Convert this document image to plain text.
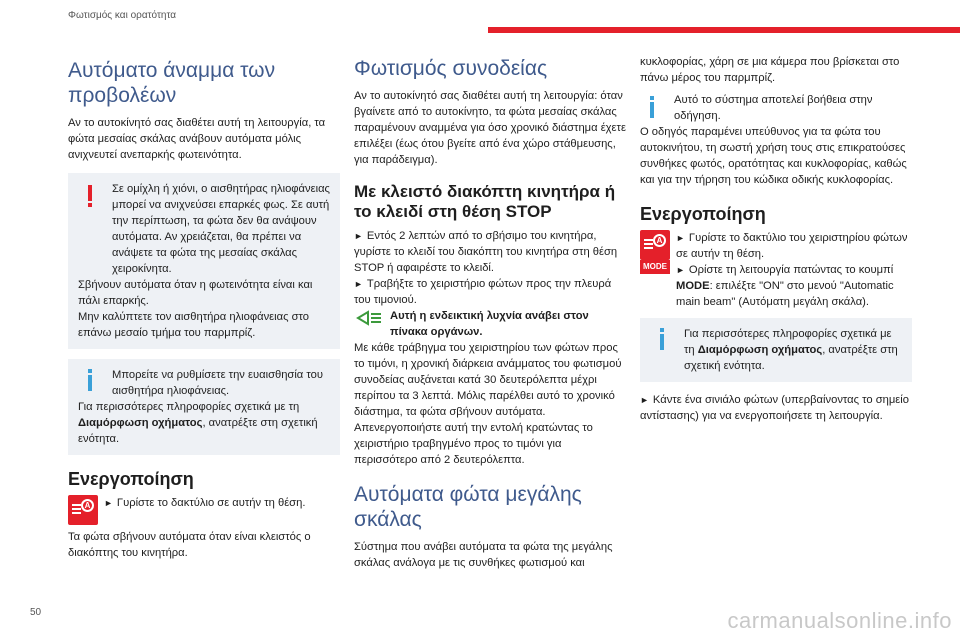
Φωτισμός και ορατότητα
Αυτόματο άναμμα των προβολέων

Αν το αυτοκίνητό σας διαθέτει αυτή τη λειτουργία, τα φώτα μεσαίας σκάλας ανάβουν αυτόματα μόλις ανιχνευτεί ανεπαρκής φωτεινότητα.

Σε ομίχλη ή χιόνι, ο αισθητήρας ηλιοφάνειας μπορεί να ανιχνεύσει επαρκές φως. Σε αυτή την περίπτωση, τα φώτα δεν θα ανάψουν αυτόματα. Αν χρειάζεται, θα πρέπει να ανάψετε τα φώτα της μεσαίας σκάλας χειροκίνητα.

Σβήνουν αυτόματα όταν η φωτεινότητα είναι και πάλι επαρκής.

Μην καλύπτετε τον αισθητήρα ηλιοφάνειας στο επάνω μεσαίο τμήμα του παρμπρίζ.

Μπορείτε να ρυθμίσετε την ευαισθησία του αισθητήρα ηλιοφάνειας.

Για περισσότερες πληροφορίες σχετικά με τη Διαμόρφωση οχήματος, ανατρέξτε στη σχετική ενότητα.

Ενεργοποίηση
A	► Γυρίστε το δακτύλιο σε αυτήν τη θέση.

Τα φώτα σβήνουν αυτόματα όταν είναι κλειστός ο διακόπτης του κινητήρα.

Φωτισμός συνοδείας

Αν το αυτοκίνητό σας διαθέτει αυτή τη λειτουργία: όταν βγαίνετε από το αυτοκίνητο, τα φώτα μεσαίας σκάλας παραμένουν αναμμένα για όσο χρονικό διάστημα έχετε επιλέξει (έως ότου βγείτε από ένα χώρο στάθμευσης, για παράδειγμα).

Με κλειστό διακόπτη κινητήρα ή το κλειδί στη θέση STOP

► Εντός 2 λεπτών από το σβήσιμο του κινητήρα, γυρίστε το κλειδί του διακόπτη του κινητήρα στη θέση STOP ή αφαιρέστε το κλειδί.

► Τραβήξτε το χειριστήριο φώτων προς την πλευρά του τιμονιού.

Αυτή η ενδεικτική λυχνία ανάβει στον πίνακα οργάνων.

Με κάθε τράβηγμα του χειριστηρίου των φώτων προς το τιμόνι, η χρονική διάρκεια ανάμματος του φωτισμού συνοδείας αυξάνεται κατά 30 δευτερόλεπτα μέχρι περίπου τα 3 λεπτά. Μόλις παρέλθει αυτό το χρονικό διάστημα, τα φώτα σβήνουν αυτόματα.

Απενεργοποιήστε αυτή την εντολή κρατώντας το χειριστήριο τραβηγμένο προς το τιμόνι για περισσότερο από 2 δευτερόλεπτα.

Αυτόματα φώτα μεγάλης σκάλας

Σύστημα που ανάβει αυτόματα τα φώτα της μεγάλης σκάλας ανάλογα με τις συνθήκες φωτισμού και

κυκλοφορίας, χάρη σε μια κάμερα που βρίσκεται στο πάνω μέρος του παρμπρίζ.

Αυτό το σύστημα αποτελεί βοήθεια στην οδήγηση.

Ο οδηγός παραμένει υπεύθυνος για τα φώτα του αυτοκινήτου, τη σωστή χρήση τους στις επικρατούσες συνθήκες φωτός, ορατότητας και κυκλοφορίας, καθώς και για την τήρηση του κώδικα οδικής κυκλοφορίας.

Ενεργοποίηση
A
MODE

► Γυρίστε το δακτύλιο του χειριστηρίου φώτων σε αυτήν τη θέση.

► Ορίστε τη λειτουργία πατώντας το κουμπί MODE: επιλέξτε "ON" στο μενού "Automatic main beam" (Αυτόματη μεγάλη σκάλα).

Για περισσότερες πληροφορίες σχετικά με τη Διαμόρφωση οχήματος, ανατρέξτε στη σχετική ενότητα.

► Κάντε ένα σινιάλο φώτων (υπερβαίνοντας το σημείο αντίστασης) για να ενεργοποιήσετε τη λειτουργία.

50	carmanualsonline.info
